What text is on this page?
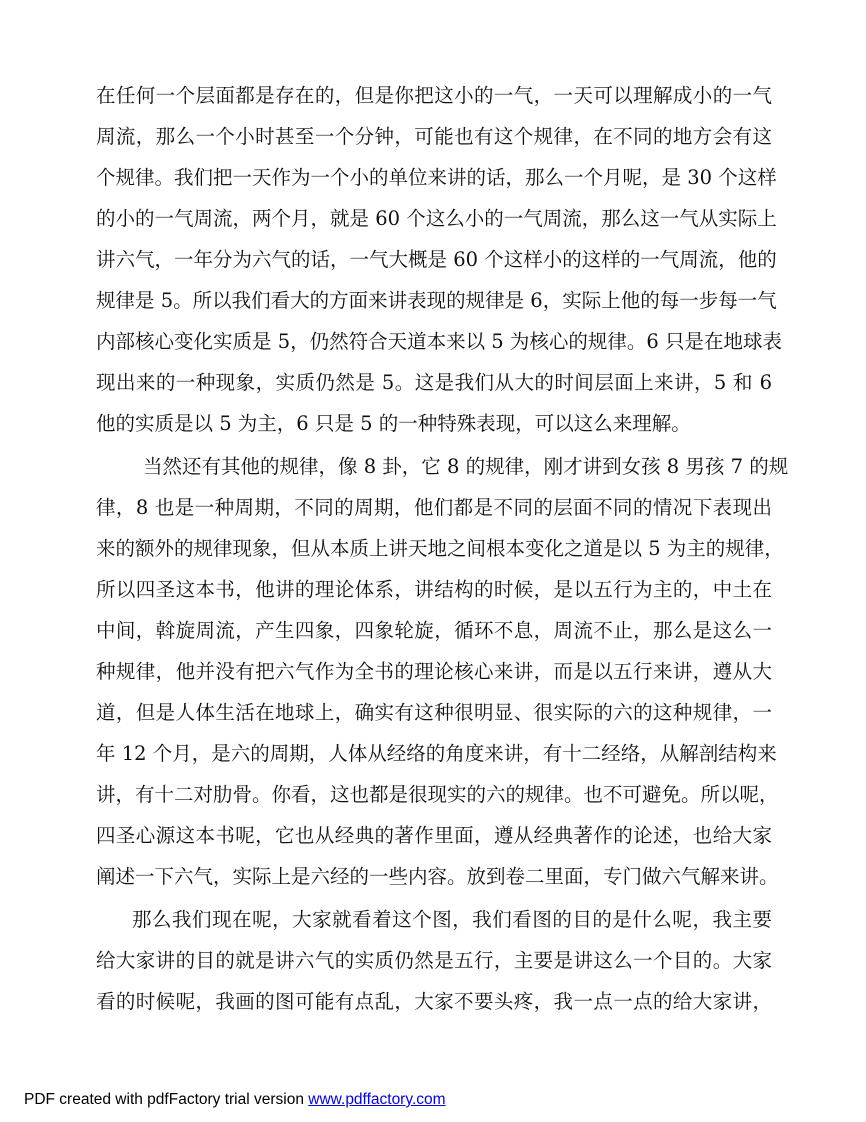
在任何一个层面都是存在的，但是你把这小的一气，一天可以理解成小的一气
周流，那么一个小时甚至一个分钟，可能也有这个规律，在不同的地方会有这
个规律。我们把一天作为一个小的单位来讲的话，那么一个月呢，是 30 个这样
的小的一气周流，两个月，就是 60 个这么小的一气周流，那么这一气从实际上
讲六气，一年分为六气的话，一气大概是 60 个这样小的这样的一气周流，他的
规律是 5。所以我们看大的方面来讲表现的规律是 6，实际上他的每一步每一气
内部核心变化实质是 5，仍然符合天道本来以 5 为核心的规律。6 只是在地球表
现出来的一种现象，实质仍然是 5。这是我们从大的时间层面上来讲，5 和 6
他的实质是以 5 为主，6 只是 5 的一种特殊表现，可以这么来理解。
当然还有其他的规律，像 8 卦，它 8 的规律，刚才讲到女孩 8 男孩 7 的规
律，8 也是一种周期，不同的周期，他们都是不同的层面不同的情况下表现出
来的额外的规律现象，但从本质上讲天地之间根本变化之道是以 5 为主的规律，
所以四圣这本书，他讲的理论体系，讲结构的时候，是以五行为主的，中土在
中间，斡旋周流，产生四象，四象轮旋，循环不息，周流不止，那么是这么一
种规律，他并没有把六气作为全书的理论核心来讲，而是以五行来讲，遵从大
道，但是人体生活在地球上，确实有这种很明显、很实际的六的这种规律，一
年 12 个月，是六的周期，人体从经络的角度来讲，有十二经络，从解剖结构来
讲，有十二对肋骨。你看，这也都是很现实的六的规律。也不可避免。所以呢，
四圣心源这本书呢，它也从经典的著作里面，遵从经典著作的论述，也给大家
阐述一下六气，实际上是六经的一些内容。放到卷二里面，专门做六气解来讲。
那么我们现在呢，大家就看着这个图，我们看图的目的是什么呢，我主要
给大家讲的目的就是讲六气的实质仍然是五行，主要是讲这么一个目的。大家
看的时候呢，我画的图可能有点乱，大家不要头疼，我一点一点的给大家讲，
PDF created with pdfFactory trial version www.pdffactory.com
